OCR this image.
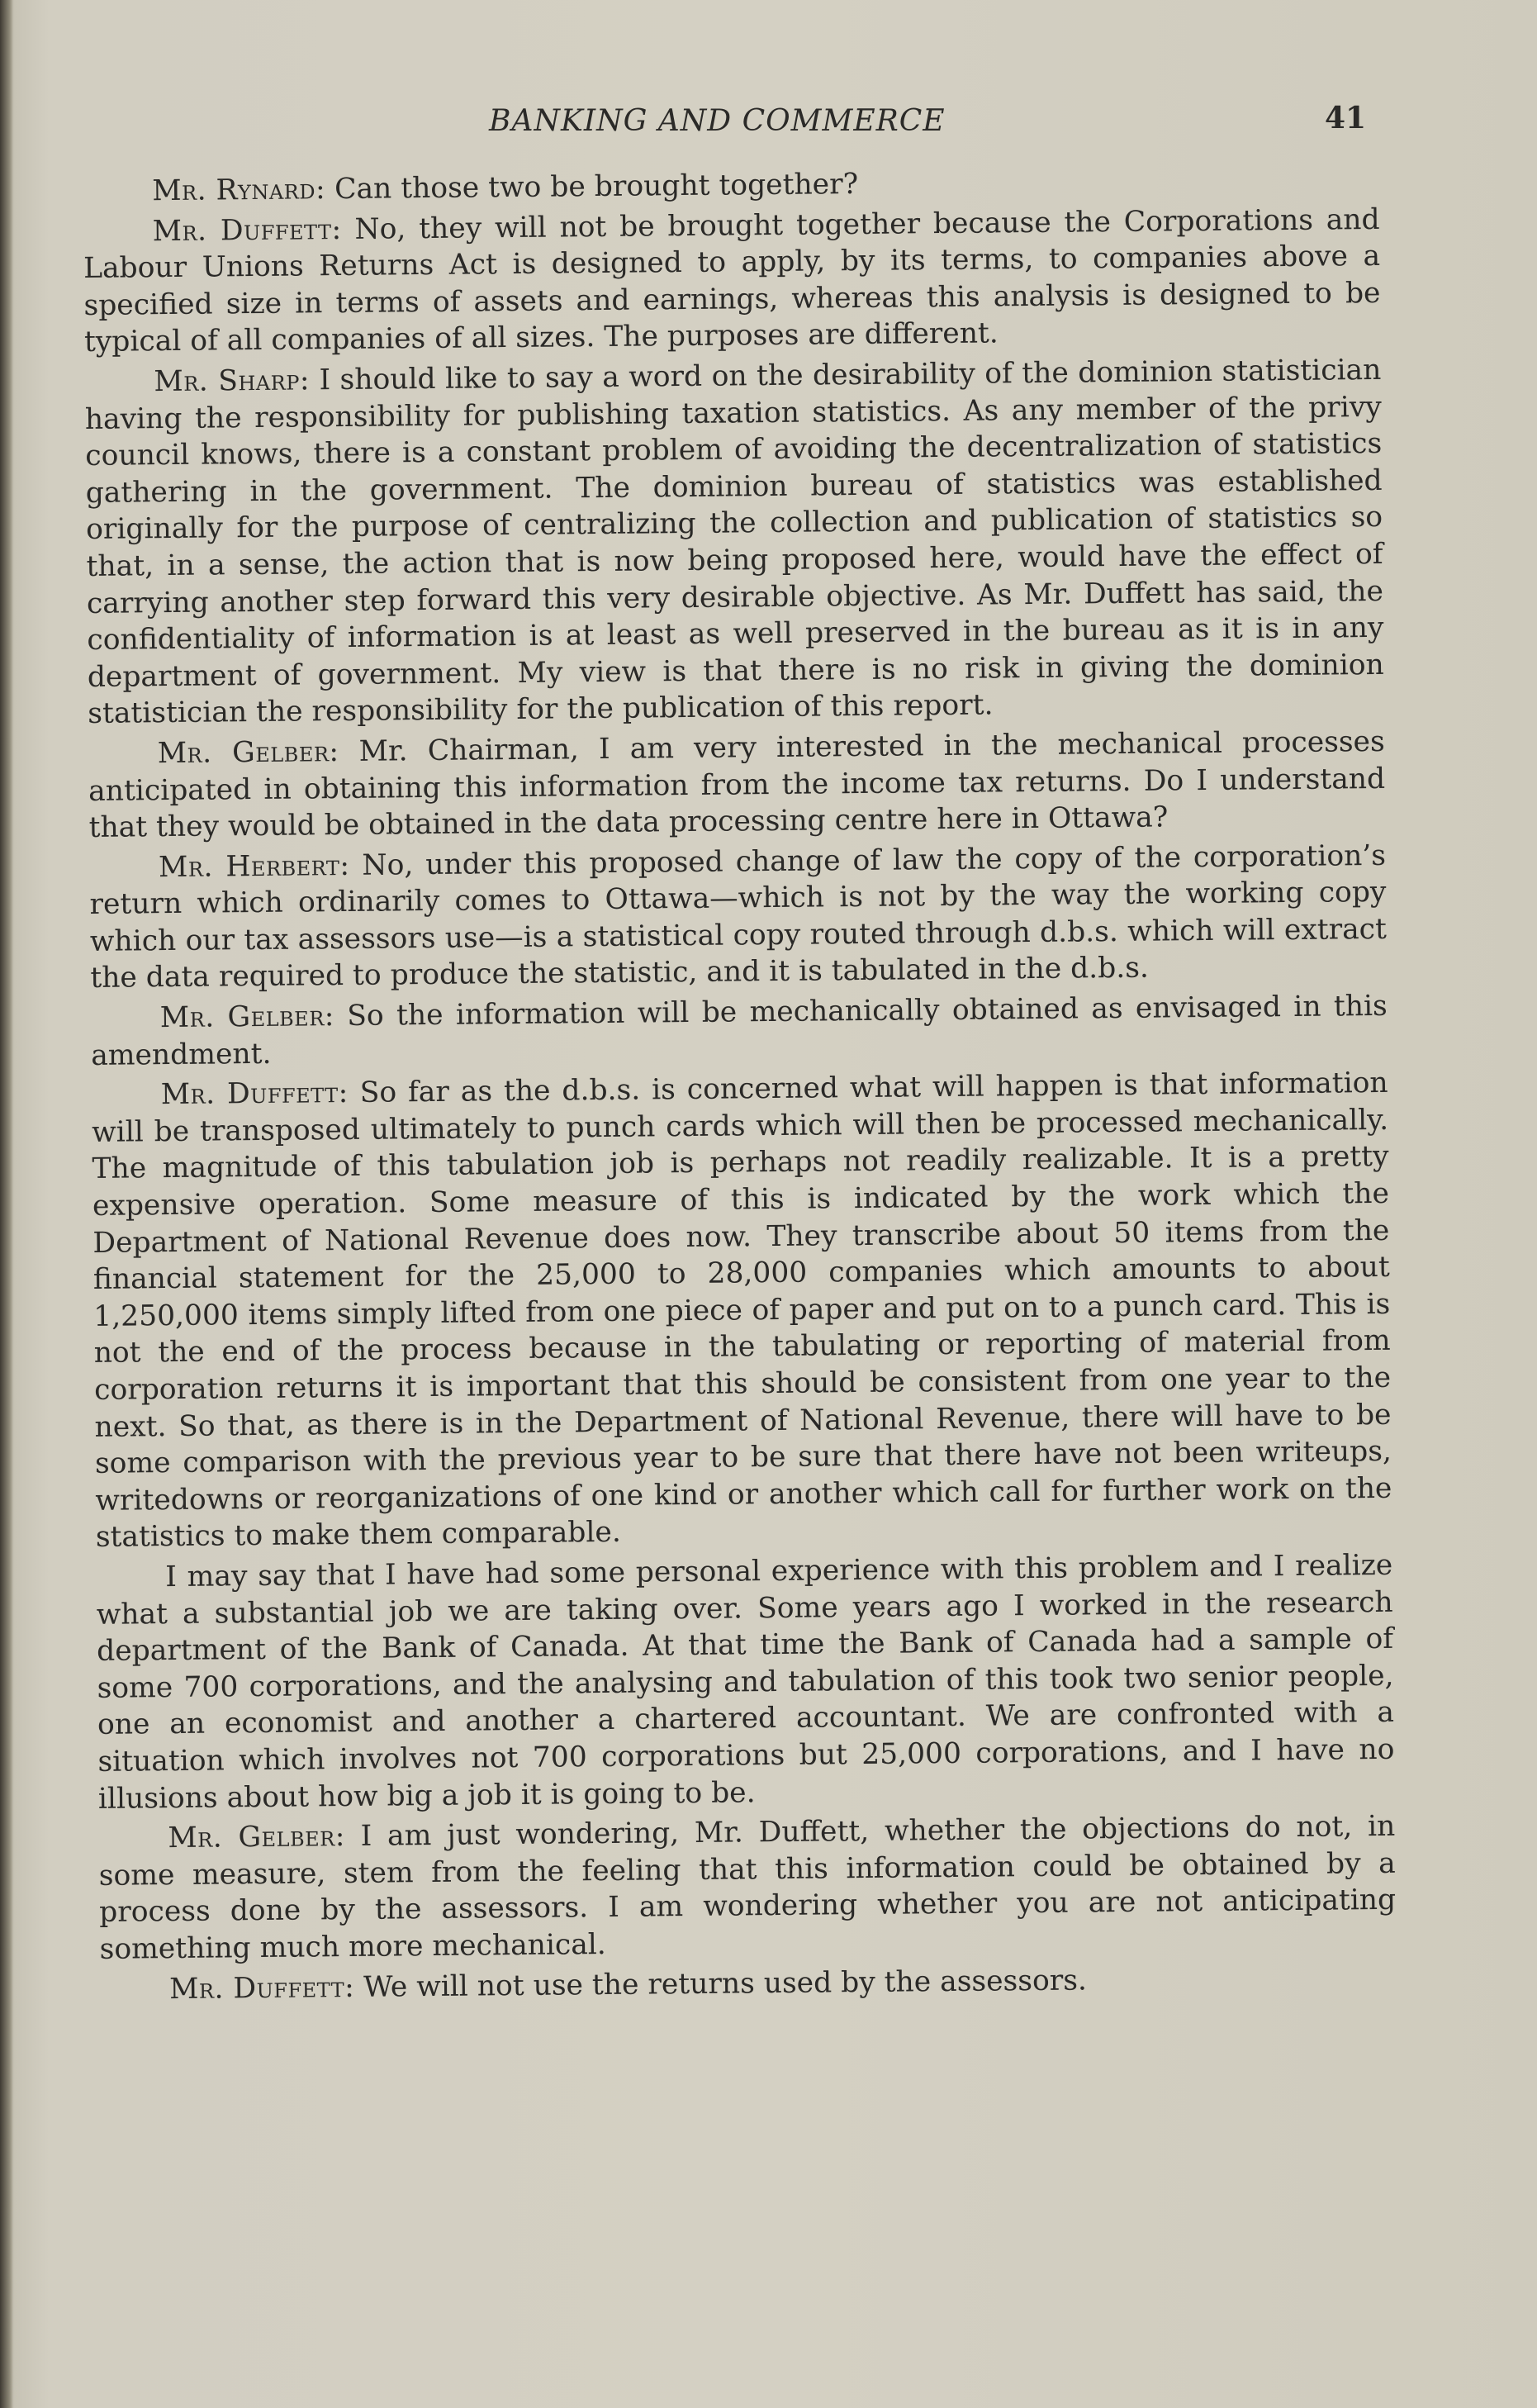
BANKING AND COMMERCE	41

Mr. Rynard: Can those two be brought together?

Mr. Duffett: No, they will not be brought together because the Corporations and Labour Unions Returns Act is designed to apply, by its terms, to companies above a specified size in terms of assets and earnings, whereas this analysis is designed to be typical of all companies of all sizes. The purposes are different.

Mr. Sharp: I should like to say a word on the desirability of the dominion statistician having the responsibility for publishing taxation statistics. As any member of the privy council knows, there is a constant problem of avoiding the decentralization of statistics gathering in the government. The dominion bureau of statistics was established originally for the purpose of centralizing the collection and publication of statistics so that, in a sense, the action that is now being proposed here, would have the effect of carrying another step forward this very desirable objective. As Mr. Duffett has said, the confidentiality of information is at least as well preserved in the bureau as it is in any department of government. My view is that there is no risk in giving the dominion statistician the responsibility for the publication of this report.

Mr. Gelber: Mr. Chairman, I am very interested in the mechanical processes anticipated in obtaining this information from the income tax returns. Do I understand that they would be obtained in the data processing centre here in Ottawa?

Mr. Herbert: No, under this proposed change of law the copy of the corporation’s return which ordinarily comes to Ottawa—which is not by the way the working copy which our tax assessors use—is a statistical copy routed through d.b.s. which will extract the data required to produce the statistic, and it is tabulated in the d.b.s.

Mr. Gelber: So the information will be mechanically obtained as envisaged in this amendment.

Mr. Duffett: So far as the d.b.s. is concerned what will happen is that information will be transposed ultimately to punch cards which will then be processed mechanically. The magnitude of this tabulation job is perhaps not readily realizable. It is a pretty expensive operation. Some measure of this is indicated by the work which the Department of National Revenue does now. They transcribe about 50 items from the financial statement for the 25,000 to 28,000 companies which amounts to about 1,250,000 items simply lifted from one piece of paper and put on to a punch card. This is not the end of the process because in the tabulating or reporting of material from corporation returns it is important that this should be consistent from one year to the next. So that, as there is in the Department of National Revenue, there will have to be some comparison with the previous year to be sure that there have not been writeups, writedowns or reorganizations of one kind or another which call for further work on the statistics to make them comparable.

I may say that I have had some personal experience with this problem and I realize what a substantial job we are taking over. Some years ago I worked in the research department of the Bank of Canada. At that time the Bank of Canada had a sample of some 700 corporations, and the analysing and tabulation of this took two senior people, one an economist and another a chartered accountant. We are confronted with a situation which involves not 700 corporations but 25,000 corporations, and I have no illusions about how big a job it is going to be.

Mr. Gelber: I am just wondering, Mr. Duffett, whether the objections do not, in some measure, stem from the feeling that this information could be obtained by a process done by the assessors. I am wondering whether you are not anticipating something much more mechanical.

Mr. Duffett: We will not use the returns used by the assessors.
